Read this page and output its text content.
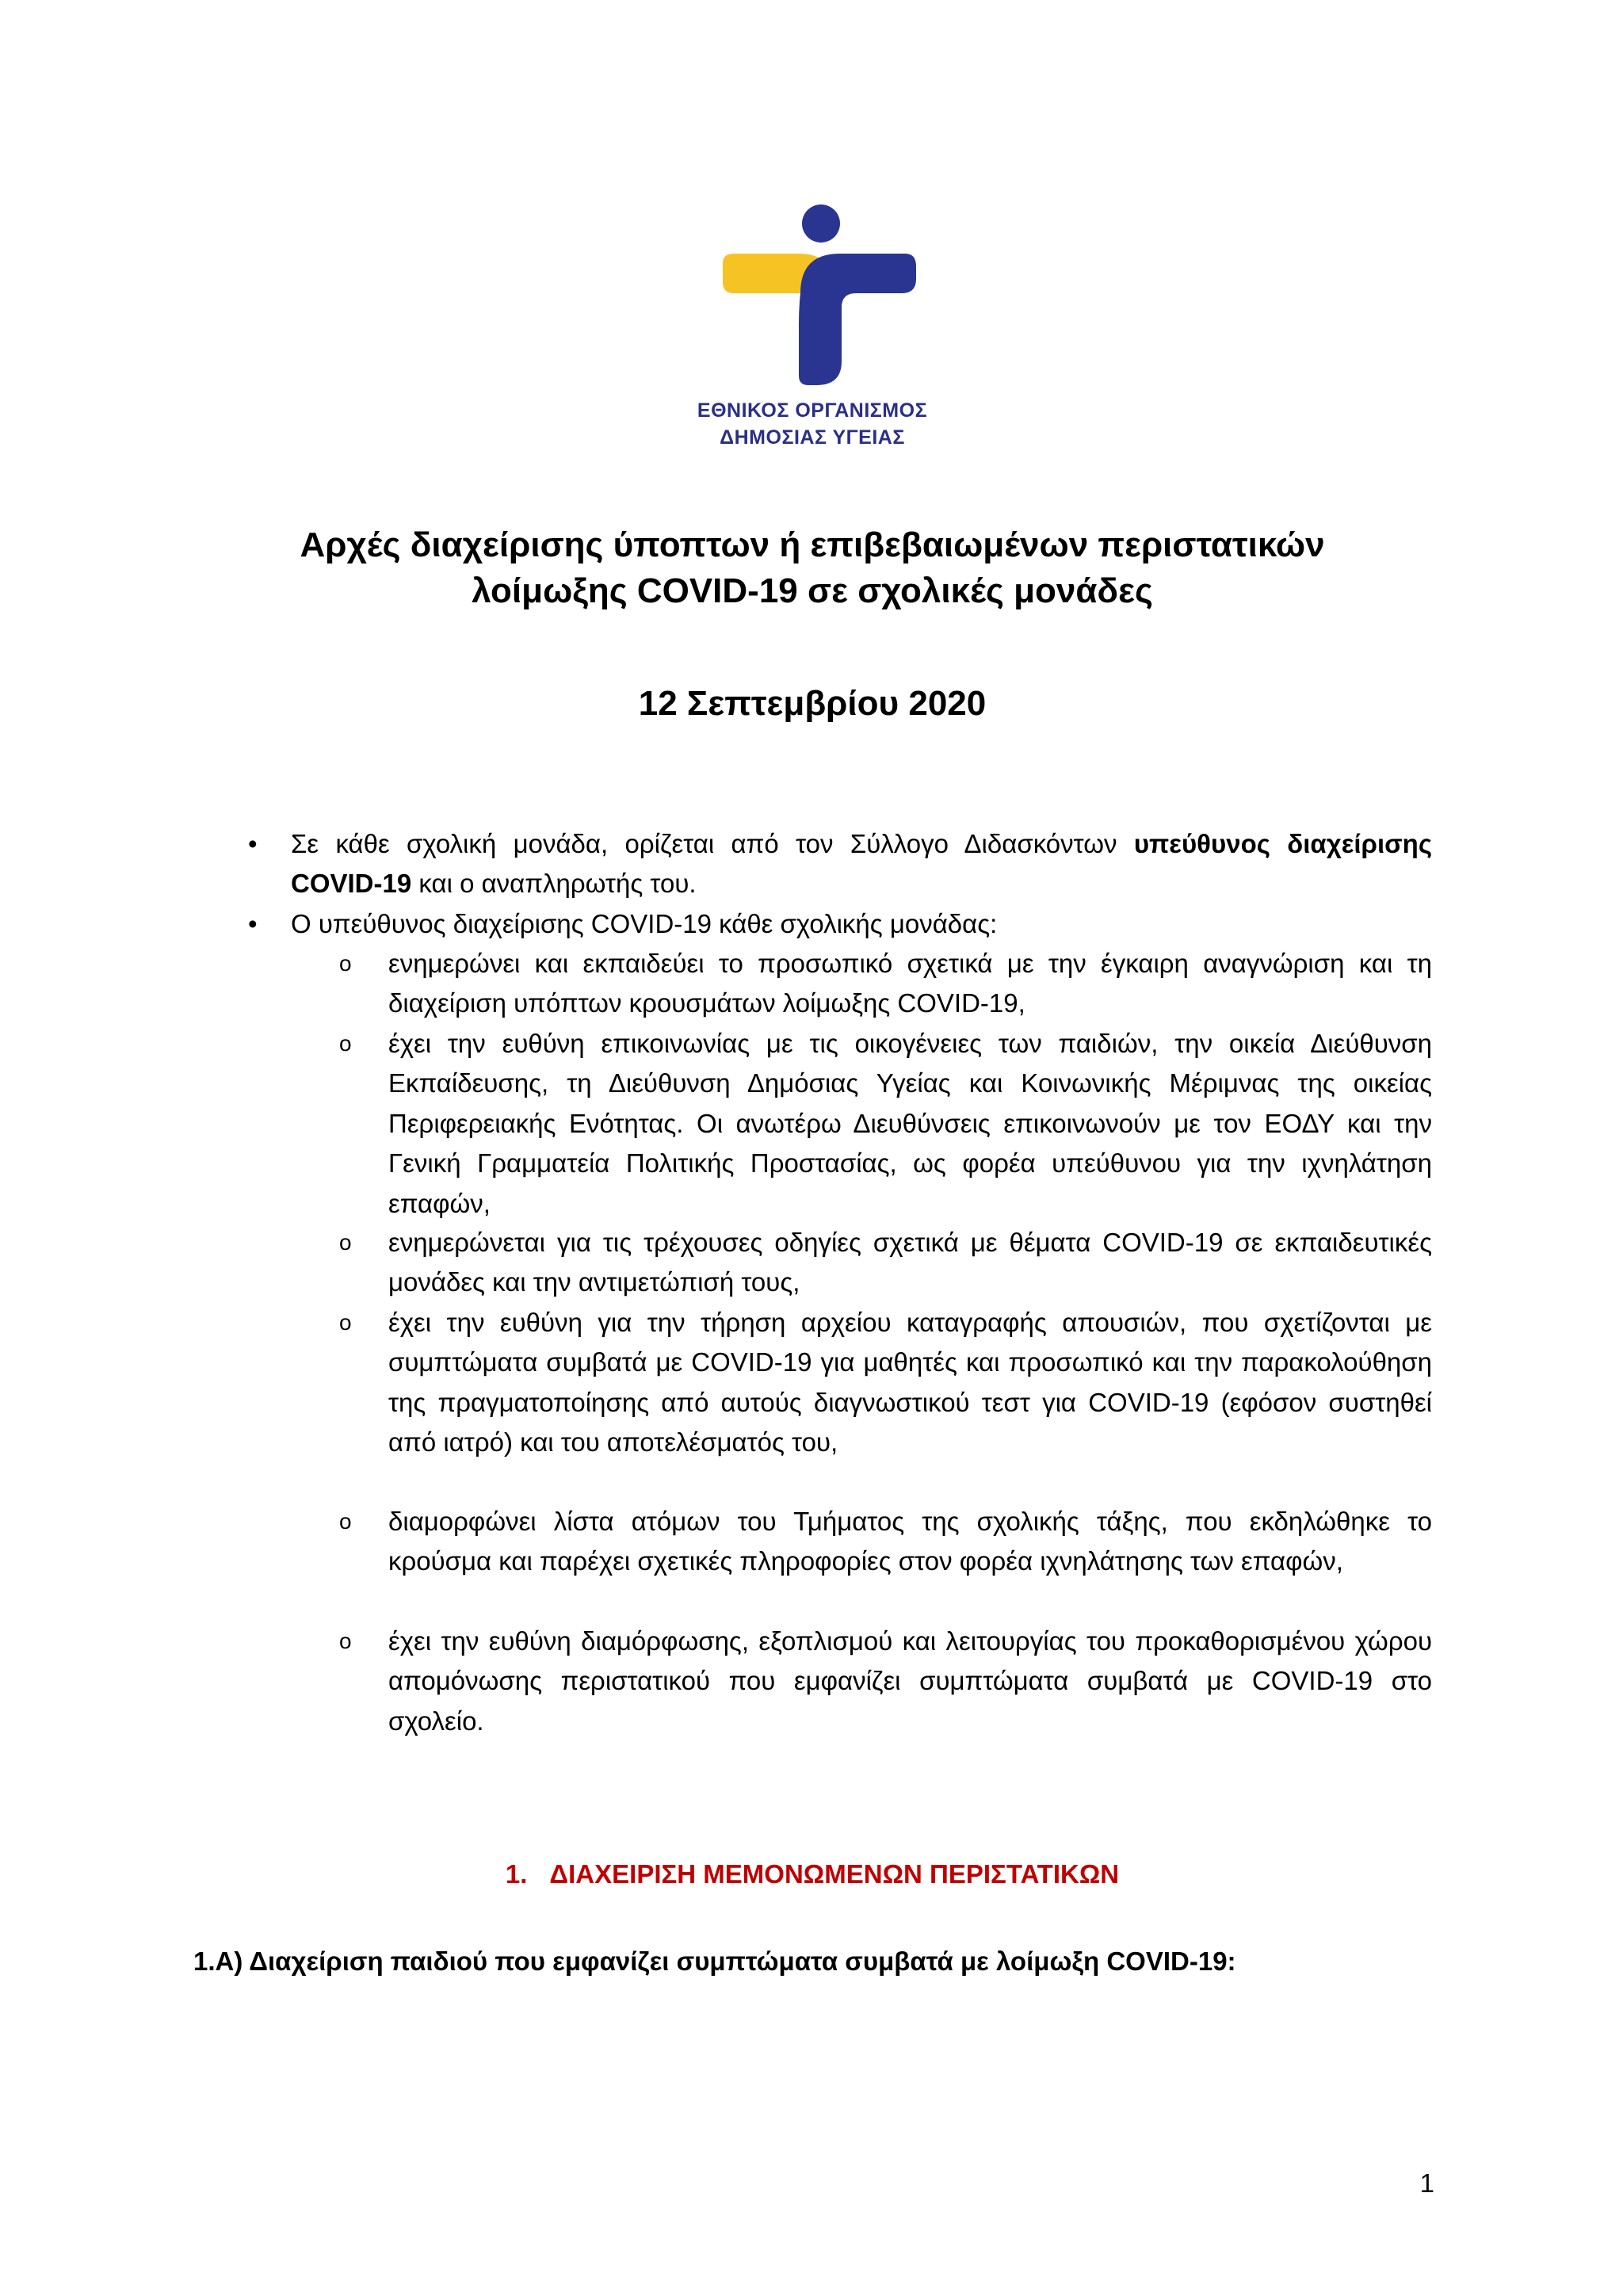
ΕΘΝΙΚΟΣ ΟΡΓΑΝΙΣΜΟΣ
ΔΗΜΟΣΙΑΣ ΥΓΕΙΑΣ
Αρχές διαχείρισης ύποπτων ή επιβεβαιωμένων περιστατικών
λοίμωξης COVID-19 σε σχολικές μονάδες
12 Σεπτεμβρίου 2020
• Σε κάθε σχολική μονάδα, ορίζεται από τον Σύλλογο Διδασκόντων υπεύθυνος διαχείρισης COVID-19 και ο αναπληρωτής του.
• Ο υπεύθυνος διαχείρισης COVID-19 κάθε σχολικής μονάδας:
o ενημερώνει και εκπαιδεύει το προσωπικό σχετικά με την έγκαιρη αναγνώριση και τη διαχείριση υπόπτων κρουσμάτων λοίμωξης COVID-19,
o έχει την ευθύνη επικοινωνίας με τις οικογένειες των παιδιών, την οικεία Διεύθυνση Εκπαίδευσης, τη Διεύθυνση Δημόσιας Υγείας και Κοινωνικής Μέριμνας της οικείας Περιφερειακής Ενότητας. Οι ανωτέρω Διευθύνσεις επικοινωνούν με τον ΕΟΔΥ και την Γενική Γραμματεία Πολιτικής Προστασίας, ως φορέα υπεύθυνου για την ιχνηλάτηση επαφών,
o ενημερώνεται για τις τρέχουσες οδηγίες σχετικά με θέματα COVID-19 σε εκπαιδευτικές μονάδες και την αντιμετώπισή τους,
o έχει την ευθύνη για την τήρηση αρχείου καταγραφής απουσιών, που σχετίζονται με συμπτώματα συμβατά με COVID-19 για μαθητές και προσωπικό και την παρακολούθηση της πραγματοποίησης από αυτούς διαγνωστικού τεστ για COVID-19 (εφόσον συστηθεί από ιατρό) και του αποτελέσματός του,
o διαμορφώνει λίστα ατόμων του Τμήματος της σχολικής τάξης, που εκδηλώθηκε το κρούσμα και παρέχει σχετικές πληροφορίες στον φορέα ιχνηλάτησης των επαφών,
o έχει την ευθύνη διαμόρφωσης, εξοπλισμού και λειτουργίας του προκαθορισμένου χώρου απομόνωσης περιστατικού που εμφανίζει συμπτώματα συμβατά με COVID-19 στο σχολείο.
1. ΔΙΑΧΕΙΡΙΣΗ ΜΕΜΟΝΩΜΕΝΩΝ ΠΕΡΙΣΤΑΤΙΚΩΝ
1.Α) Διαχείριση παιδιού που εμφανίζει συμπτώματα συμβατά με λοίμωξη COVID-19:
1
